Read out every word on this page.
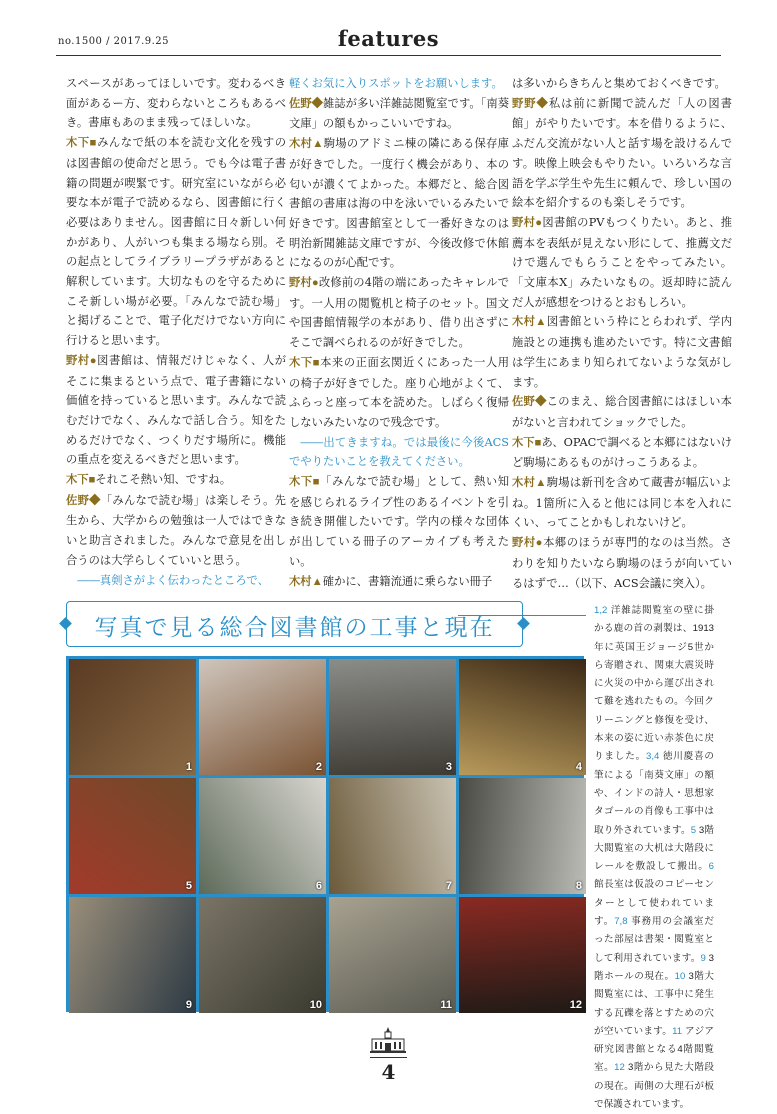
no.1500 / 2017.9.25	features

スペースがあってほしいです。変わるべき面があるー方、変わらないところもあるべき。書庫もあのまま残ってほしいな。

木下■みんなで紙の本を読む文化を残すのは図書館の使命だと思う。でも今は電子書籍の問題が喫緊です。研究室にいながら必要な本が電子で読めるなら、図書館に行く必要はありません。図書館に日々新しい何かがあり、人がいつも集まる場なら別。その起点としてライブラリープラザがあると解釈しています。大切なものを守るためにこそ新しい場が必要。「みんなで読む場」と掲げることで、電子化だけでない方向に行けると思います。

野村●図書館は、情報だけじゃなく、人がそこに集まるという点で、電子書籍にない価値を持っていると思います。みんなで読むだけでなく、みんなで話し合う。知をためるだけでなく、つくりだす場所に。機能の重点を変えるべきだと思います。

木下■それこそ熱い知、ですね。

佐野◆「みんなで読む場」は楽しそう。先生から、大学からの勉強は一人ではできないと助言されました。みんなで意見を出し合うのは大学らしくていいと思う。

　――真剣さがよく伝わったところで、

軽くお気に入りスポットをお願いします。

佐野◆雑誌が多い洋雑誌閲覧室です。「南葵文庫」の額もかっこいいですね。

木村▲駒場のアドミニ棟の隣にある保存庫が好きでした。一度行く機会があり、本の匂いが濃くてよかった。本郷だと、総合図書館の書庫は海の中を泳いでいるみたいで好きです。図書館室として一番好きなのは明治新聞雑誌文庫ですが、今後改修で休館になるのが心配です。

野村●改修前の4階の端にあったキャレルです。一人用の閲覧机と椅子のセット。国文や国書館情報学の本があり、借り出さずにそこで調べられるのが好きでした。

木下■本来の正面玄関近くにあった一人用の椅子が好きでした。座り心地がよくて、ふらっと座って本を読めた。しばらく復帰しないみたいなので残念です。

　――出てきますね。では最後に今後ACSでやりたいことを教えてください。

木下■「みんなで読む場」として、熱い知を感じられるライブ性のあるイベントを引き続き開催したいです。学内の様々な団体が出している冊子のアーカイブも考えたい。

木村▲確かに、書籍流通に乗らない冊子

は多いからきちんと集めておくべきです。

野野◆私は前に新聞で読んだ「人の図書館」がやりたいです。本を借りるように、ふだん交流がない人と話す場を設けるんです。映像上映会もやりたい。いろいろな言語を学ぶ学生や先生に頼んで、珍しい国の絵本を紹介するのも楽しそうです。

野村●図書館のPVもつくりたい。あと、推薦本を表紙が見えない形にして、推薦文だけで選んでもらうことをやってみたい。「文庫本X」みたいなもの。返却時に読んだ人が感想をつけるとおもしろい。

木村▲図書館という枠にとらわれず、学内施設との連携も進めたいです。特に文書館は学生にあまり知られてないような気がします。

佐野◆このまえ、総合図書館にはほしい本がないと言われてショックでした。

木下■あ、OPACで調べると本郷にはないけど駒場にあるものがけっこうあるよ。

木村▲駒場は新刊を含めて蔵書が幅広いよね。1箇所に入ると他には同じ本を入れにくい、ってことかもしれないけど。

野村●本郷のほうが専門的なのは当然。さわりを知りたいなら駒場のほうが向いているはずで…（以下、ACS会議に突入）。

写真で見る総合図書館の工事と現在
1	2	3	4
5	6	7	8
9	10	11	12
1,2 洋雑誌閲覧室の壁に掛かる鹿の首の剥製は、1913年に英国王ジョージ5世から寄贈され、関東大震災時に火災の中から運び出されて難を逃れたもの。今回クリーニングと修復を受け、本来の姿に近い赤茶色に戻りました。3,4 徳川慶喜の筆による「南葵文庫」の額や、インドの詩人・思想家タゴールの肖像も工事中は取り外されています。5 3階大閲覧室の大机は大階段にレールを敷設して搬出。6 館長室は仮設のコピーセンターとして使われています。7,8 事務用の会議室だった部屋は書架・閲覧室として利用されています。9 3階ホールの現在。10 3階大閲覧室には、工事中に発生する瓦礫を落とすための穴が空いています。11 アジア研究図書館となる4階閲覧室。12 3階から見た大階段の現在。両側の大理石が板で保護されています。
4
